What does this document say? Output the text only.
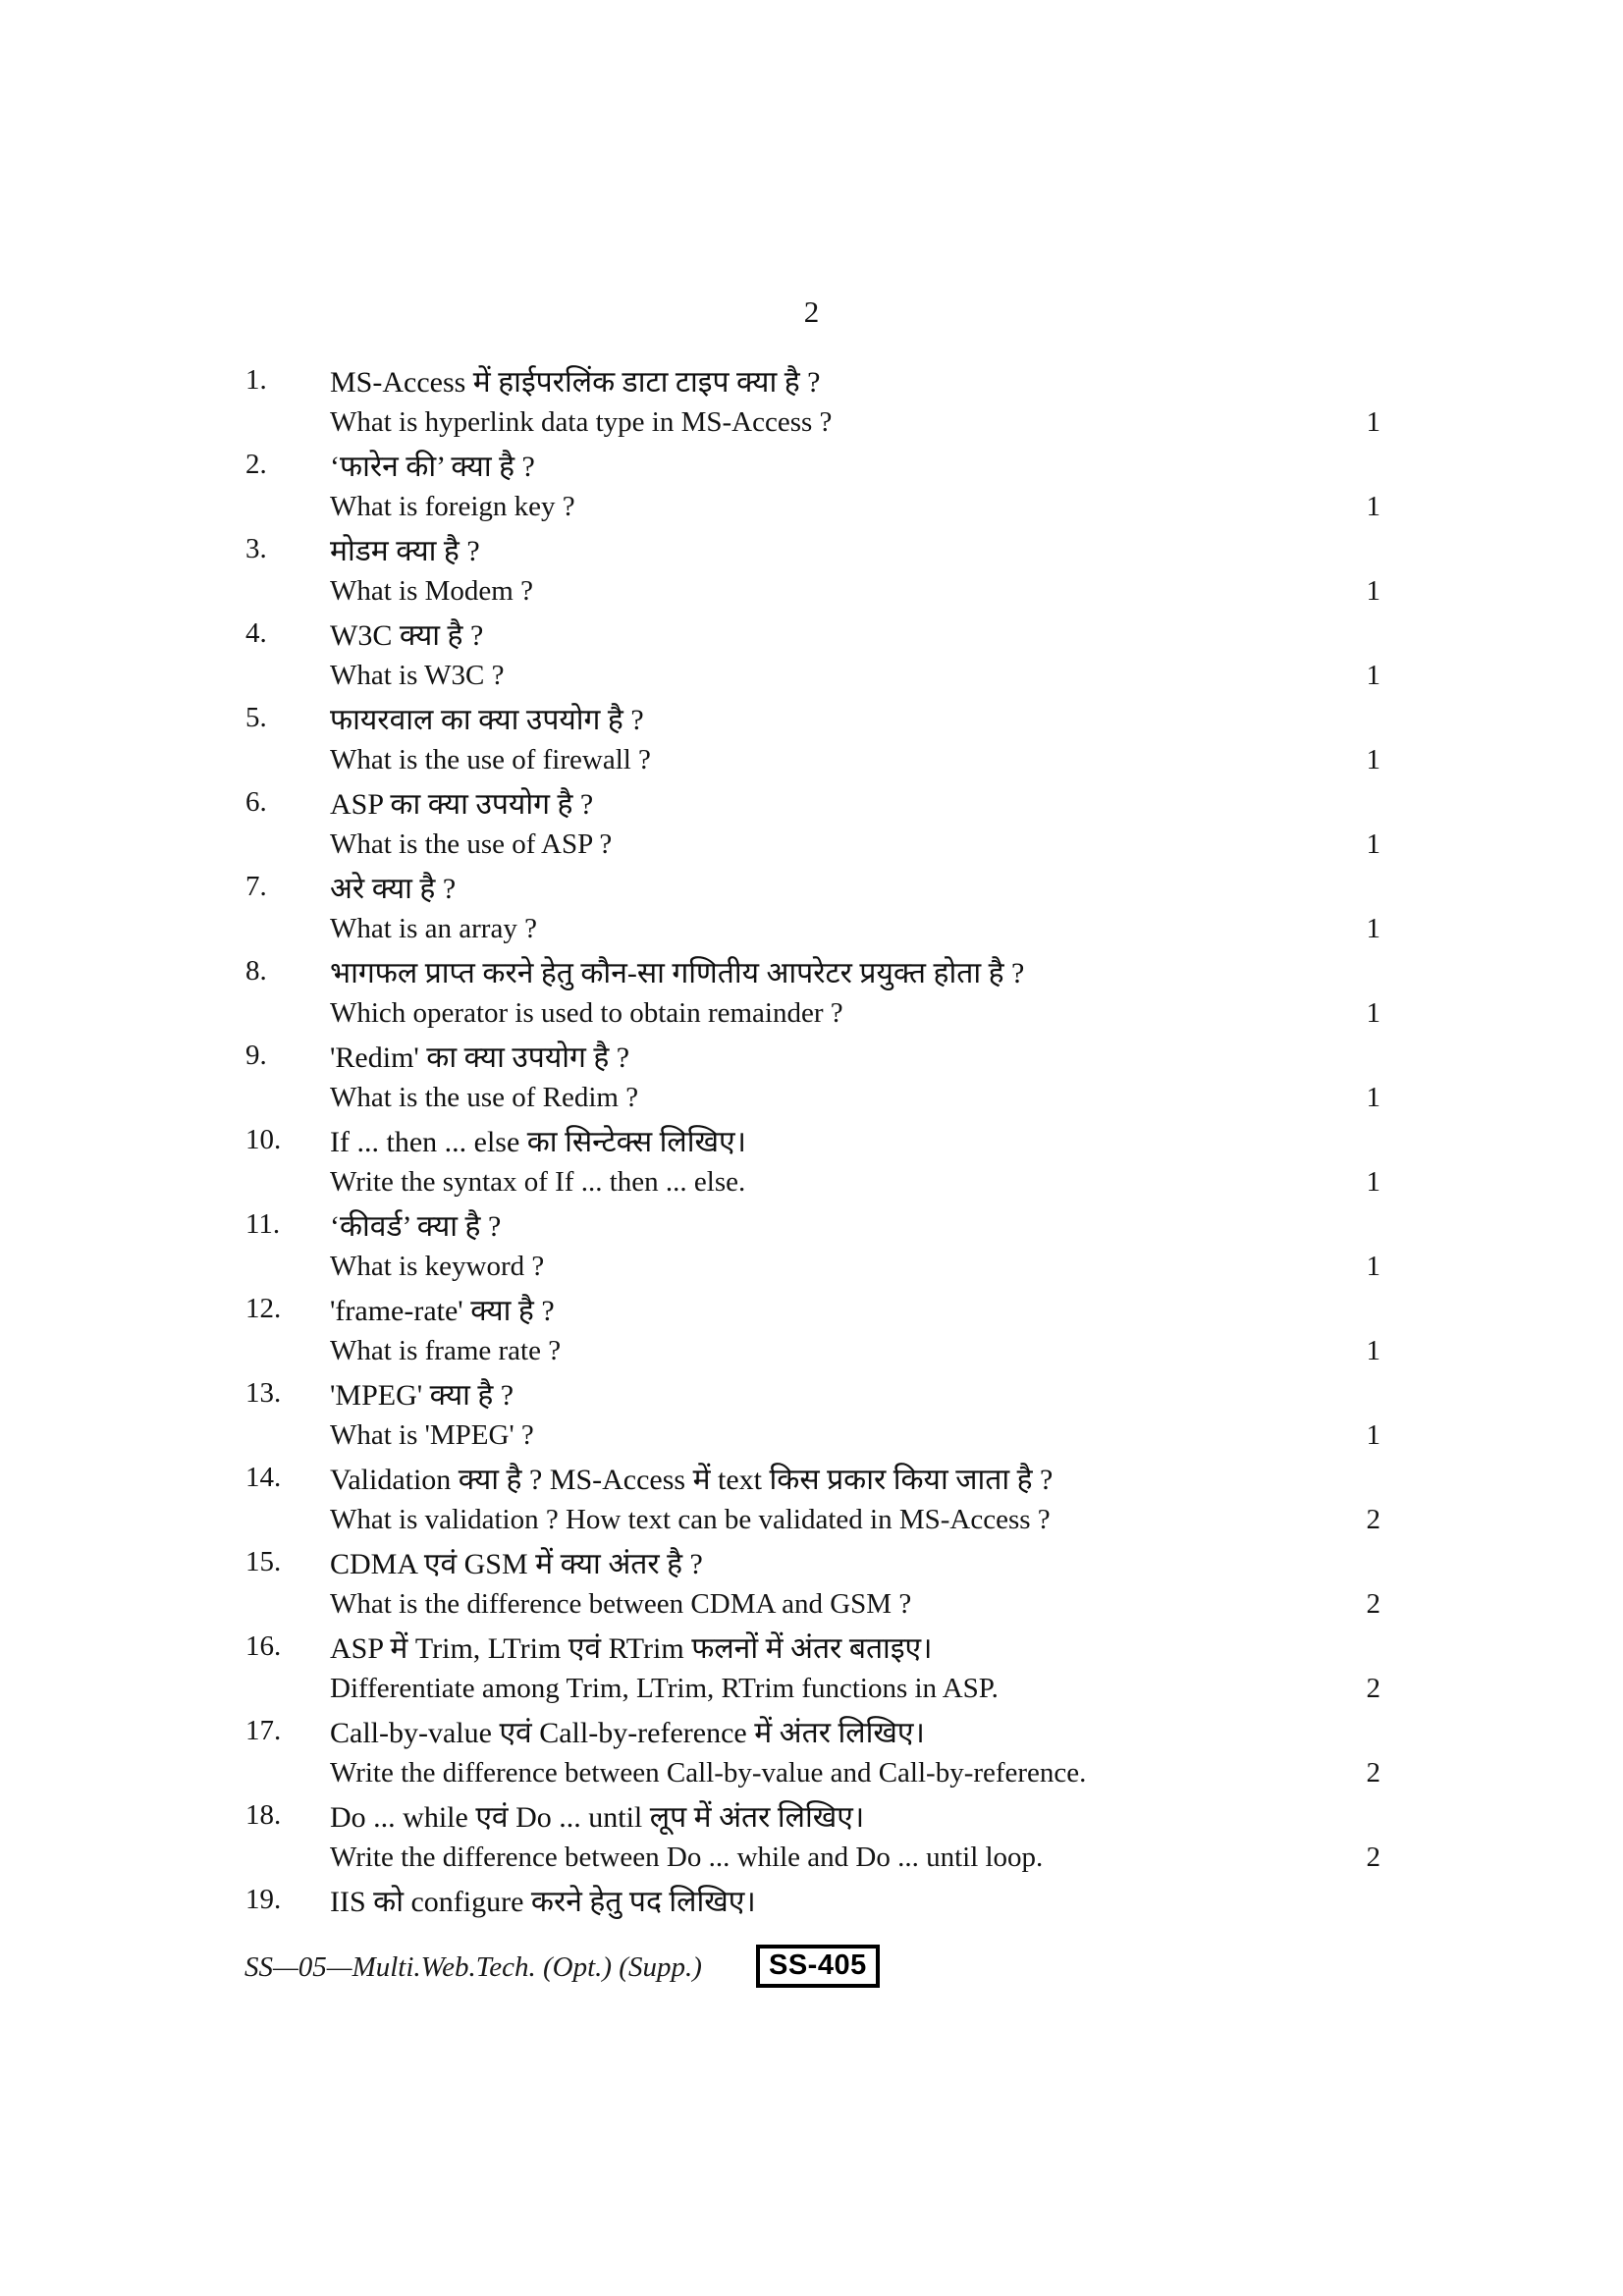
2
1.	MS-Access में हाईपरलिंक डाटा टाइप क्या है ?
What is hyperlink data type in MS-Access ?	1
2.	‘फारेन की’ क्या है ?
What is foreign key ?	1
3.	मोडम क्या है ?
What is Modem ?	1
4.	W3C क्या है ?
What is W3C ?	1
5.	फायरवाल का क्या उपयोग है ?
What is the use of firewall ?	1
6.	ASP का क्या उपयोग है ?
What is the use of ASP ?	1
7.	अरे क्या है ?
What is an array ?	1
8.	भागफल प्राप्त करने हेतु कौन-सा गणितीय आपरेटर प्रयुक्त होता है ?
Which operator is used to obtain remainder ?	1
9.	'Redim' का क्या उपयोग है ?
What is the use of Redim ?	1
10.	If ... then ... else का सिन्टेक्स लिखिए।
Write the syntax of If ... then ... else.	1
11.	‘कीवर्ड’ क्या है ?
What is keyword ?	1
12.	'frame-rate' क्या है ?
What is frame rate ?	1
13.	'MPEG' क्या है ?
What is 'MPEG' ?	1
14.	Validation क्या है ? MS-Access में text किस प्रकार किया जाता है ?
What is validation ? How text can be validated in MS-Access ?	2
15.	CDMA एवं GSM में क्या अंतर है ?
What is the difference between CDMA and GSM ?	2
16.	ASP में Trim, LTrim एवं RTrim फलनों में अंतर बताइए।
Differentiate among Trim, LTrim, RTrim functions in ASP.	2
17.	Call-by-value एवं Call-by-reference में अंतर लिखिए।
Write the difference between Call-by-value and Call-by-reference.	2
18.	Do ... while एवं Do ... until लूप में अंतर लिखिए।
Write the difference between Do ... while and Do ... until loop.	2
19.	IIS को configure करने हेतु पद लिखिए।
SS—05—Multi.Web.Tech. (Opt.) (Supp.)	SS-405
